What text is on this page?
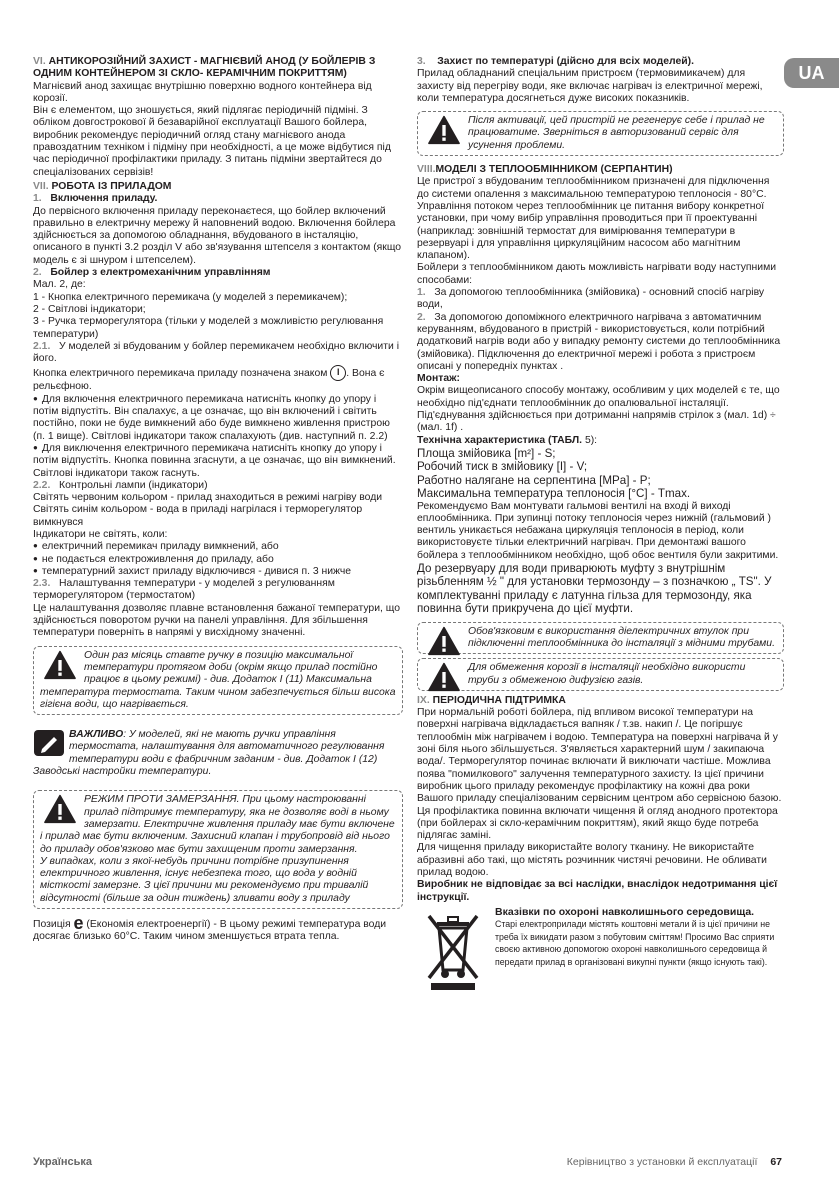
UA

VI. АНТИКОРОЗІЙНИЙ ЗАХИСТ - МАГНІЄВИЙ АНОД (У БОЙЛЕРІВ З ОДНИМ КОНТЕЙНЕРОМ ЗІ СКЛО- КЕРАМІЧНИМ ПОКРИТТЯМ)

Магнієвий анод захищає внутрішню поверхню водного контейнера від корозії.

Він є елементом, що зношується, який підлягає періодичній підміні. З обліком довгострокової й безаварійної експлуатації Вашого бойлера, виробник рекомендує періодичний огляд стану магнієвого анода правоздатним техніком і підміну при необхідності, а це може відбутися під час періодичної профілактики приладу. З питань підміни звертайтеся до спеціалізованих сервізів!

VII. РОБОТА ІЗ ПРИЛАДОМ

1. Включення приладу.

До первісного включення приладу переконаєтеся, що бойлер включений правильно в електричну мережу й наповнений водою. Включення бойлера здійснюється за допомогою обладнання, вбудованого в інсталяцію, описаного в пункті 3.2 розділ V або зв'язування штепселя з контактом (якщо модель є зі шнуром і штепселем).

2. Бойлер з електромеханічним управлінням

Мал. 2, де:

1 - Кнопка електричного перемикача (у моделей з перемикачем);

2 - Світлові індикатори;

3 - Ручка терморегулятора (тільки у моделей з можливістю регулювання температури)

2.1. У моделей зі вбудованим у бойлер перемикачем необхідно включити і його.

Кнопка електричного перемикача приладу позначена знаком I . Вона є рельєфною.

● Для включення електричного перемикача натисніть кнопку до упору і потім відпустіть. Він спалахує, а це означає, що він включений і світить постійно, поки не буде вимкнений або буде вимкнено живлення пристрою (п. 1 вище). Світлові індикатори також спалахують (див. наступний п. 2.2)

● Для виключення електричного перемикача натисніть кнопку до упору і потім відпустіть. Кнопка повинна згаснути, а це означає, що він вимкнений. Світлові індикатори також гаснуть.

2.2. Контрольні лампи (індикатори)

Світять червоним кольором - прилад знаходиться в режимі нагріву води

Світять синім кольором - вода в приладі нагрілася і терморегулятор вимкнувся

Індикатори не світять, коли:

● електричний перемикач приладу вимкнений, або

● не подається електроживлення до приладу, або

● температурний захист приладу відключився - дивися п. 3 нижче

2.3. Налаштування температури - у моделей з регулюванням терморегулятором (термостатом)

Це налаштування дозволяє плавне встановлення бажаної температури, що здійснюється поворотом ручки на панелі управління. Для збільшення температури поверніть в напрямі у висхідному значенні.

Один раз місяць ставте ручку в позицію максимальної температури протягом доби (окрім якщо прилад постійно працює в цьому режимі) - див. Додаток I (11) Максимальна температура термостата. Таким чином забезпечується більш висока гігієна води, що нагрівається.

ВАЖЛИВО: У моделей, які не мають ручки управління термостата, налаштування для автоматичного регулювання температури води є фабричним заданим - див. Додаток I (12) Заводські настройки температури.

РЕЖИМ ПРОТИ ЗАМЕРЗАННЯ. При цьому настроюванні прилад підтримує температуру, яка не дозволяє воді в ньому замерзати. Електричне живлення приладу має бути включене і прилад має бути включеним. Захисний клапан і трубопровід від нього до приладу обов'язково має бути захищеним проти замерзання.

У випадках, коли з якої-небудь причини потрібне призупинення електричного живлення, існує небезпека того, що вода у водній місткості замерзне. З цієї причини ми рекомендуємо при тривалій відсутності (більше за один тиждень) зливати воду з приладу

Позиція e (Економія електроенергії) - В цьому режимі температура води досягає близько 60°C. Таким чином зменшується втрата тепла.

3. Захист по температурі (дійсно для всіх моделей).

Прилад обладнаний спеціальним пристроєм (термовимикачем) для захисту від перегріву води, яке включає нагрівач із електричної мережі, коли температура досягнеться дуже високих показників.

Після активації, цей пристрій не регенерує себе і прилад не працюватиме. Зверніться в авторизований сервіс для усунення проблеми.

VIII.МОДЕЛІ З ТЕПЛООБМІННИКОМ (СЕРПАНТИН)

Це пристрої з вбудованим теплообмінником призначені для підключення до системи опалення з максимальною температурою теплоносія - 80°C.

Управління потоком через теплообмінник це питання вибору конкретної установки, при чому вибір управління проводиться при її проектуванні (наприклад: зовнішній термостат для вимірювання температури в резервуарі і для управління циркуляційним насосом або магнітним клапаном).

Бойлери з теплообмінником дають можливість нагрівати воду наступними способами:

1. За допомогою теплообмінника (змійовика) - основний спосіб нагріву води,

2. За допомогою допоміжного електричного нагрівача з автоматичним керуванням, вбудованого в пристрій - використовується, коли потрібний додатковий нагрів води або у випадку ремонту системи до теплообмінника (змійовика). Підключення до електричної мережі і робота з пристроєм описані у попередніх пунктах .

Монтаж:

Окрім вищеописаного способу монтажу, особливим у цих моделей є те, що необхідно під'єднати теплообмінник до опалювальної інсталяції. Під'єднування здійснюється при дотриманні напрямів стрілок з (мал. 1d) ÷ (мал. 1f) .

Технічна характеристика (ТАБЛ. 5):

Площа змійовика [m²] - S;

Робочий тиск в змійовику [I] - V;

Работно налягане на серпентина [MPa] - P;

Максимальна температура теплоносія [°C] - Tmax.

Рекомендуємо Вам монтувати гальмові вентилі на вході й виході еплообмінника. При зупинці потоку теплоносія через нижній (гальмовий ) вентиль уникається небажана циркуляція теплоносія в період, коли використовуєте тільки електричний нагрівач. При демонтажі вашого бойлера з теплообмінником необхідно, щоб обоє вентиля були закритими.

До резервуару для води приварюють муфту з внутрішнім різьбленням ½ " для установки термозонду – з позначкою „ TS". У комплектуванні приладу є латунна гільза для термозонду, яка повинна бути прикручена до цієї муфти.

Обов'язковим є використання діелектричних втулок при підключенні теплообмінника до інсталяції з мідними трубами.

Для обмеження корозії в інсталяції необхідно використи труби з обмеженою дифузією газів.

IX. ПЕРІОДИЧНА ПІДТРИМКА

При нормальній роботі бойлера, під впливом високої температури на поверхні нагрівача відкладається вапняк / т.зв. накип /. Це погіршує теплообмін між нагрівачем і водою. Температура на поверхні нагрівача й у зоні біля нього збільшується. З'являється характерний шум / закипаюча вода/. Терморегулятор починає включати й виключати частіше. Можлива поява "помилкового" залучення температурного захисту. Із цієї причини виробник цього приладу рекомендує профілактику на кожні два роки Вашого приладу спеціалізованим сервісним центром або сервісною базою. Ця профілактика повинна включати чищення й огляд анодного протектора (при бойлерах зі скло-керамічним покриттям), який якщо буде потреба підлягає заміні.

Для чищення приладу використайте вологу тканину. Не використайте абразивні або такі, що містять розчинник чистячі речовини. Не обливати прилад водою.

Виробник не відповідає за всі наслідки, внаслідок недотримання цієї інструкції.

Вказівки по охороні навколишнього середовища.

Старі електроприлади містять коштовні метали й із цієї причини не треба їх викидати разом з побутовим сміттям! Просимо Вас сприяти своєю активною допомогою охороні навколишнього середовища й передати прилад в організовані викупні пункти (якщо існують такі).

Українська	Керівництво з установки й експлуатації 67
